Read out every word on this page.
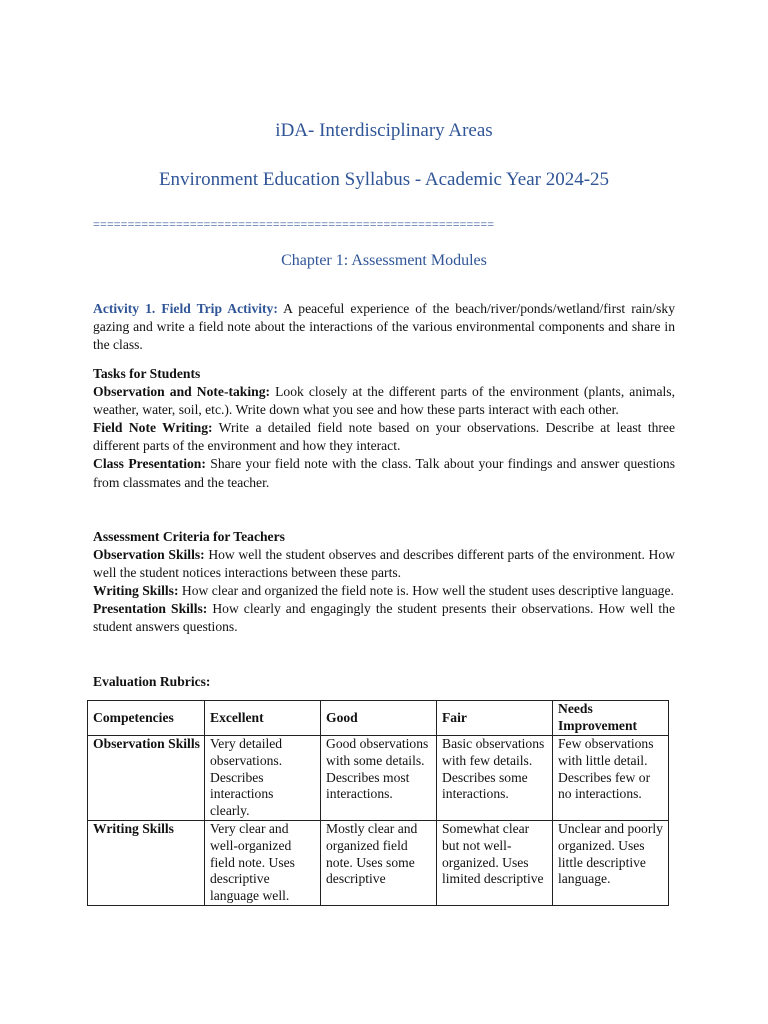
iDA- Interdisciplinary Areas
Environment Education Syllabus - Academic Year 2024-25
==========================================================
Chapter 1: Assessment Modules

Activity 1. Field Trip Activity: A peaceful experience of the beach/river/ponds/wetland/first rain/sky gazing and write a field note about the interactions of the various environmental components and share in the class.

Tasks for Students

Observation and Note-taking: Look closely at the different parts of the environment (plants, animals, weather, water, soil, etc.). Write down what you see and how these parts interact with each other.

Field Note Writing: Write a detailed field note based on your observations. Describe at least three different parts of the environment and how they interact.

Class Presentation: Share your field note with the class. Talk about your findings and answer questions from classmates and the teacher.

Assessment Criteria for Teachers

Observation Skills: How well the student observes and describes different parts of the environment. How well the student notices interactions between these parts.

Writing Skills: How clear and organized the field note is. How well the student uses descriptive language.

Presentation Skills: How clearly and engagingly the student presents their observations. How well the student answers questions.

Evaluation Rubrics:
Competencies	Excellent	Good	Fair	Needs Improvement
Observation Skills	Very detailed observations. Describes interactions clearly.	Good observations with some details. Describes most interactions.	Basic observations with few details. Describes some interactions.	Few observations with little detail. Describes few or no interactions.

Writing Skills	Very clear and well-organized field note. Uses descriptive language well.	Mostly clear and organized field note. Uses some descriptive	Somewhat clear but not well-organized. Uses limited descriptive	Unclear and poorly organized. Uses little descriptive language.
